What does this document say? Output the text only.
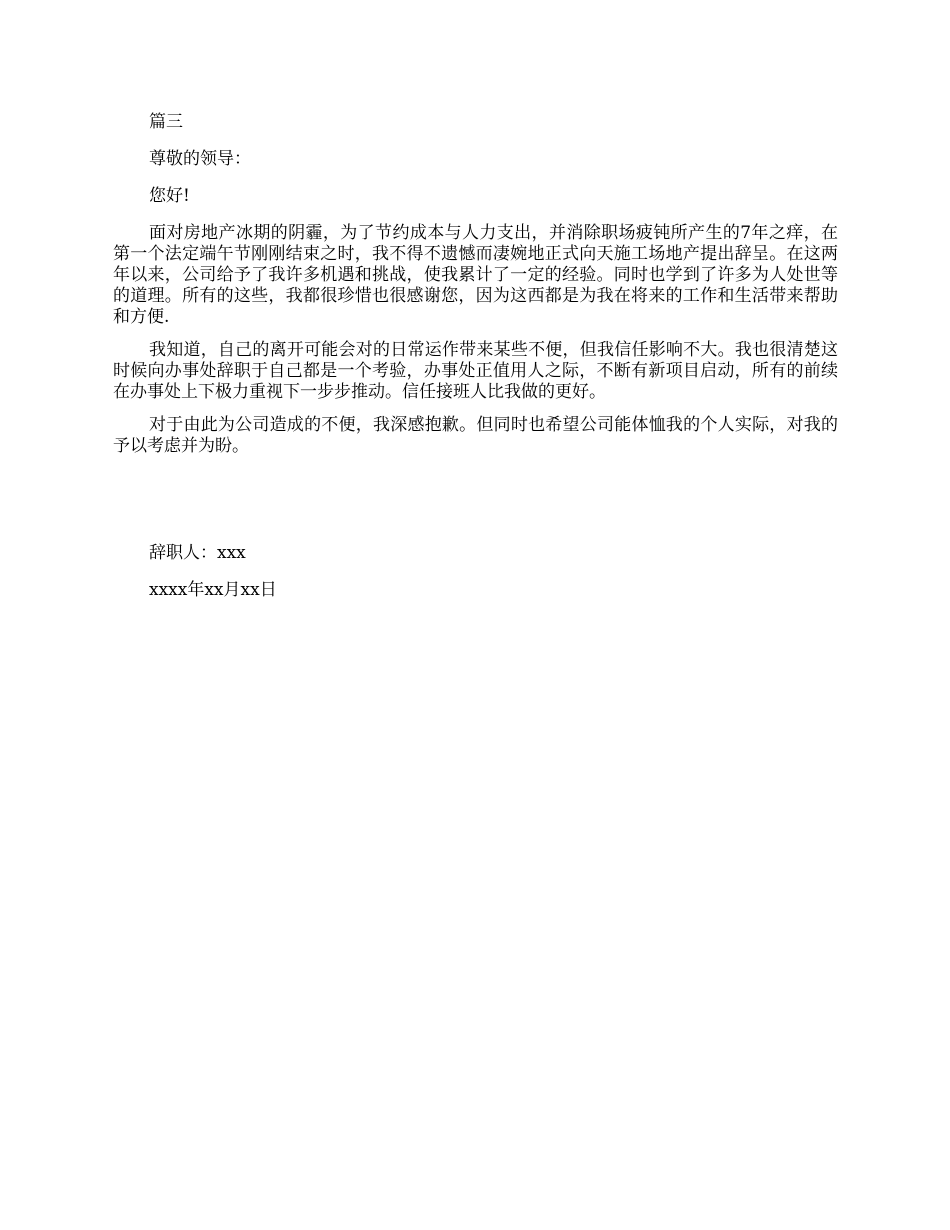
篇三

尊敬的领导：

您好!

面对房地产冰期的阴霾，为了节约成本与人力支出，并消除职场疲钝所产生的7年之痒，在第一个法定端午节刚刚结束之时，我不得不遗憾而凄婉地正式向天施工场地产提出辞呈。在这两年以来，公司给予了我许多机遇和挑战，使我累计了一定的经验。同时也学到了许多为人处世等的道理。所有的这些，我都很珍惜也很感谢您，因为这西都是为我在将来的工作和生活带来帮助和方便.

我知道，自己的离开可能会对的日常运作带来某些不便，但我信任影响不大。我也很清楚这时候向办事处辞职于自己都是一个考验，办事处正值用人之际，不断有新项目启动，所有的前续在办事处上下极力重视下一步步推动。信任接班人比我做的更好。

对于由此为公司造成的不便，我深感抱歉。但同时也希望公司能体恤我的个人实际，对我的予以考虑并为盼。

辞职人：xxx

xxxx年xx月xx日
